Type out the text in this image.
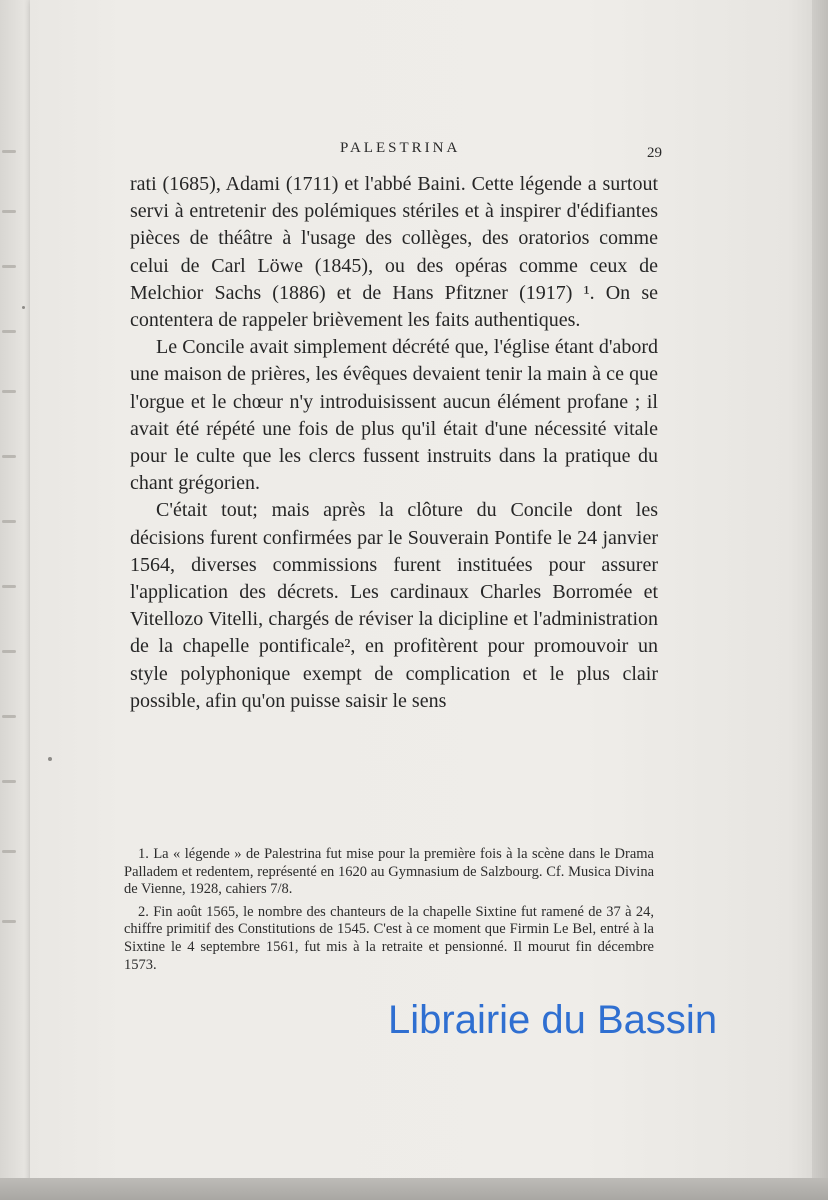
PALESTRINA	29

rati (1685), Adami (1711) et l'abbé Baini. Cette légende a surtout servi à entretenir des polémiques stériles et à inspirer d'édifiantes pièces de théâtre à l'usage des collèges, des oratorios comme celui de Carl Löwe (1845), ou des opéras comme ceux de Melchior Sachs (1886) et de Hans Pfitzner (1917) ¹. On se contentera de rappeler brièvement les faits authentiques.

Le Concile avait simplement décrété que, l'église étant d'abord une maison de prières, les évêques devaient tenir la main à ce que l'orgue et le chœur n'y introduisissent aucun élément profane ; il avait été répété une fois de plus qu'il était d'une nécessité vitale pour le culte que les clercs fussent instruits dans la pratique du chant grégorien.

C'était tout; mais après la clôture du Concile dont les décisions furent confirmées par le Souverain Pontife le 24 janvier 1564, diverses commissions furent instituées pour assurer l'application des décrets. Les cardinaux Charles Borromée et Vitellozo Vitelli, chargés de réviser la dicipline et l'administration de la chapelle pontificale², en profitèrent pour promouvoir un style polyphonique exempt de complication et le plus clair possible, afin qu'on puisse saisir le sens

1. La « légende » de Palestrina fut mise pour la première fois à la scène dans le Drama Palladem et redentem, représenté en 1620 au Gymnasium de Salzbourg. Cf. Musica Divina de Vienne, 1928, cahiers 7/8.

2. Fin août 1565, le nombre des chanteurs de la chapelle Sixtine fut ramené de 37 à 24, chiffre primitif des Constitutions de 1545. C'est à ce moment que Firmin Le Bel, entré à la Sixtine le 4 septembre 1561, fut mis à la retraite et pensionné. Il mourut fin décembre 1573.

Librairie du Bassin
